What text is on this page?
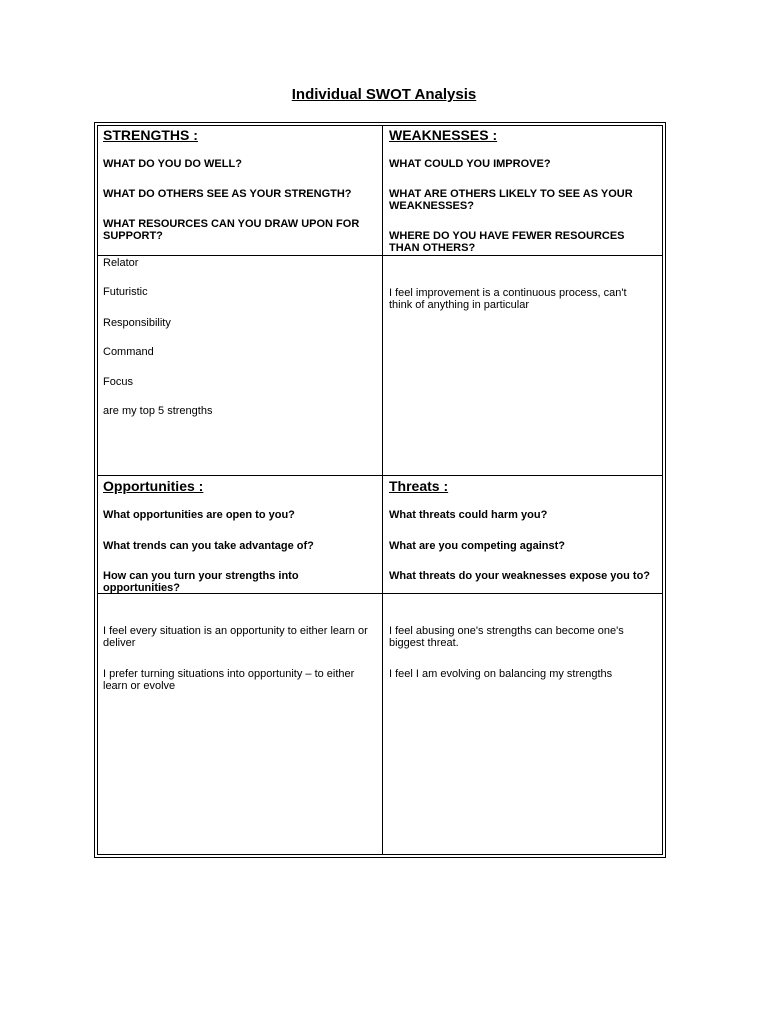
Individual SWOT Analysis
STRENGTHS :
WHAT DO YOU DO WELL?
WHAT DO OTHERS SEE AS YOUR STRENGTH?
WHAT RESOURCES CAN YOU DRAW UPON FOR SUPPORT?
Relator
Futuristic
Responsibility
Command
Focus
are my top 5 strengths
WEAKNESSES :
WHAT COULD YOU IMPROVE?
WHAT ARE OTHERS LIKELY TO SEE AS YOUR WEAKNESSES?
WHERE DO YOU HAVE FEWER RESOURCES THAN OTHERS?
I feel improvement is a continuous process, can't think of anything in particular
Opportunities :
What opportunities are open to you?
What trends can you take advantage of?
How can you turn your strengths into opportunities?
I feel every situation is an opportunity to either learn or deliver
I prefer turning situations into opportunity – to either learn or evolve
Threats :
What threats could harm you?
What are you competing against?
What threats do your weaknesses expose you to?
I feel abusing one's strengths can become one's biggest threat.
I feel I am evolving on balancing my strengths
